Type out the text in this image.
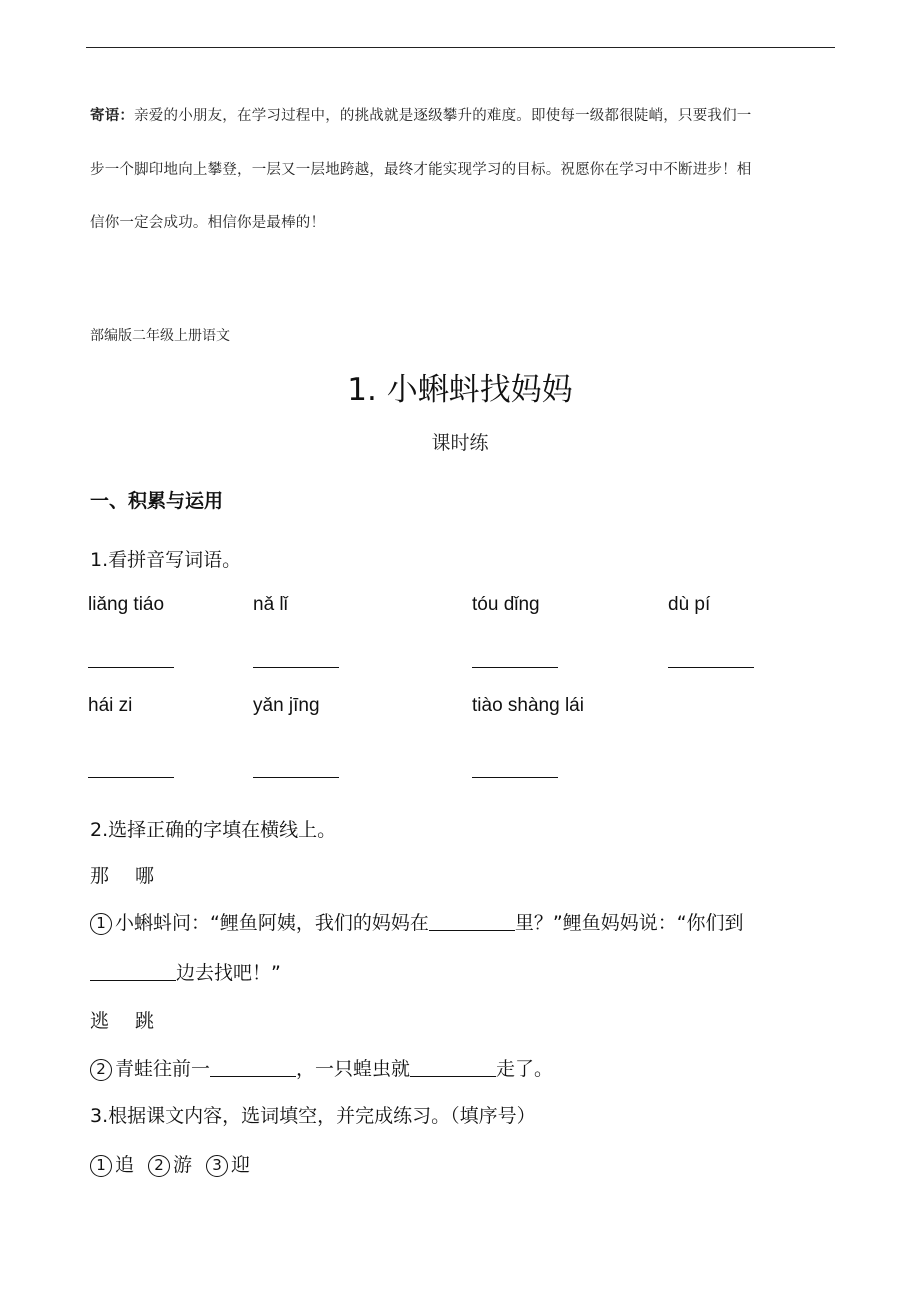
寄语：亲爱的小朋友，在学习过程中，的挑战就是逐级攀升的难度。即使每一级都很陡峭，只要我们一
步一个脚印地向上攀登，一层又一层地跨越，最终才能实现学习的目标。祝愿你在学习中不断进步！相
信你一定会成功。相信你是最棒的！
部编版二年级上册语文
1. 小蝌蚪找妈妈
课时练
一、积累与运用
1.看拼音写词语。
liǎng tiáo	nǎ lǐ	tóu dǐng	dù pí
hái zi	yǎn jīng	tiào shàng lái
2.选择正确的字填在横线上。
那 哪
1 小蝌蚪问：“鲤鱼阿姨，我们的妈妈在	里？”鲤鱼妈妈说：“你们到
边去找吧！”
逃 跳
2 青蛙往前一	，一只蝗虫就	走了。
3.根据课文内容，选词填空，并完成练习。（填序号）
1 追 2 游 3 迎
